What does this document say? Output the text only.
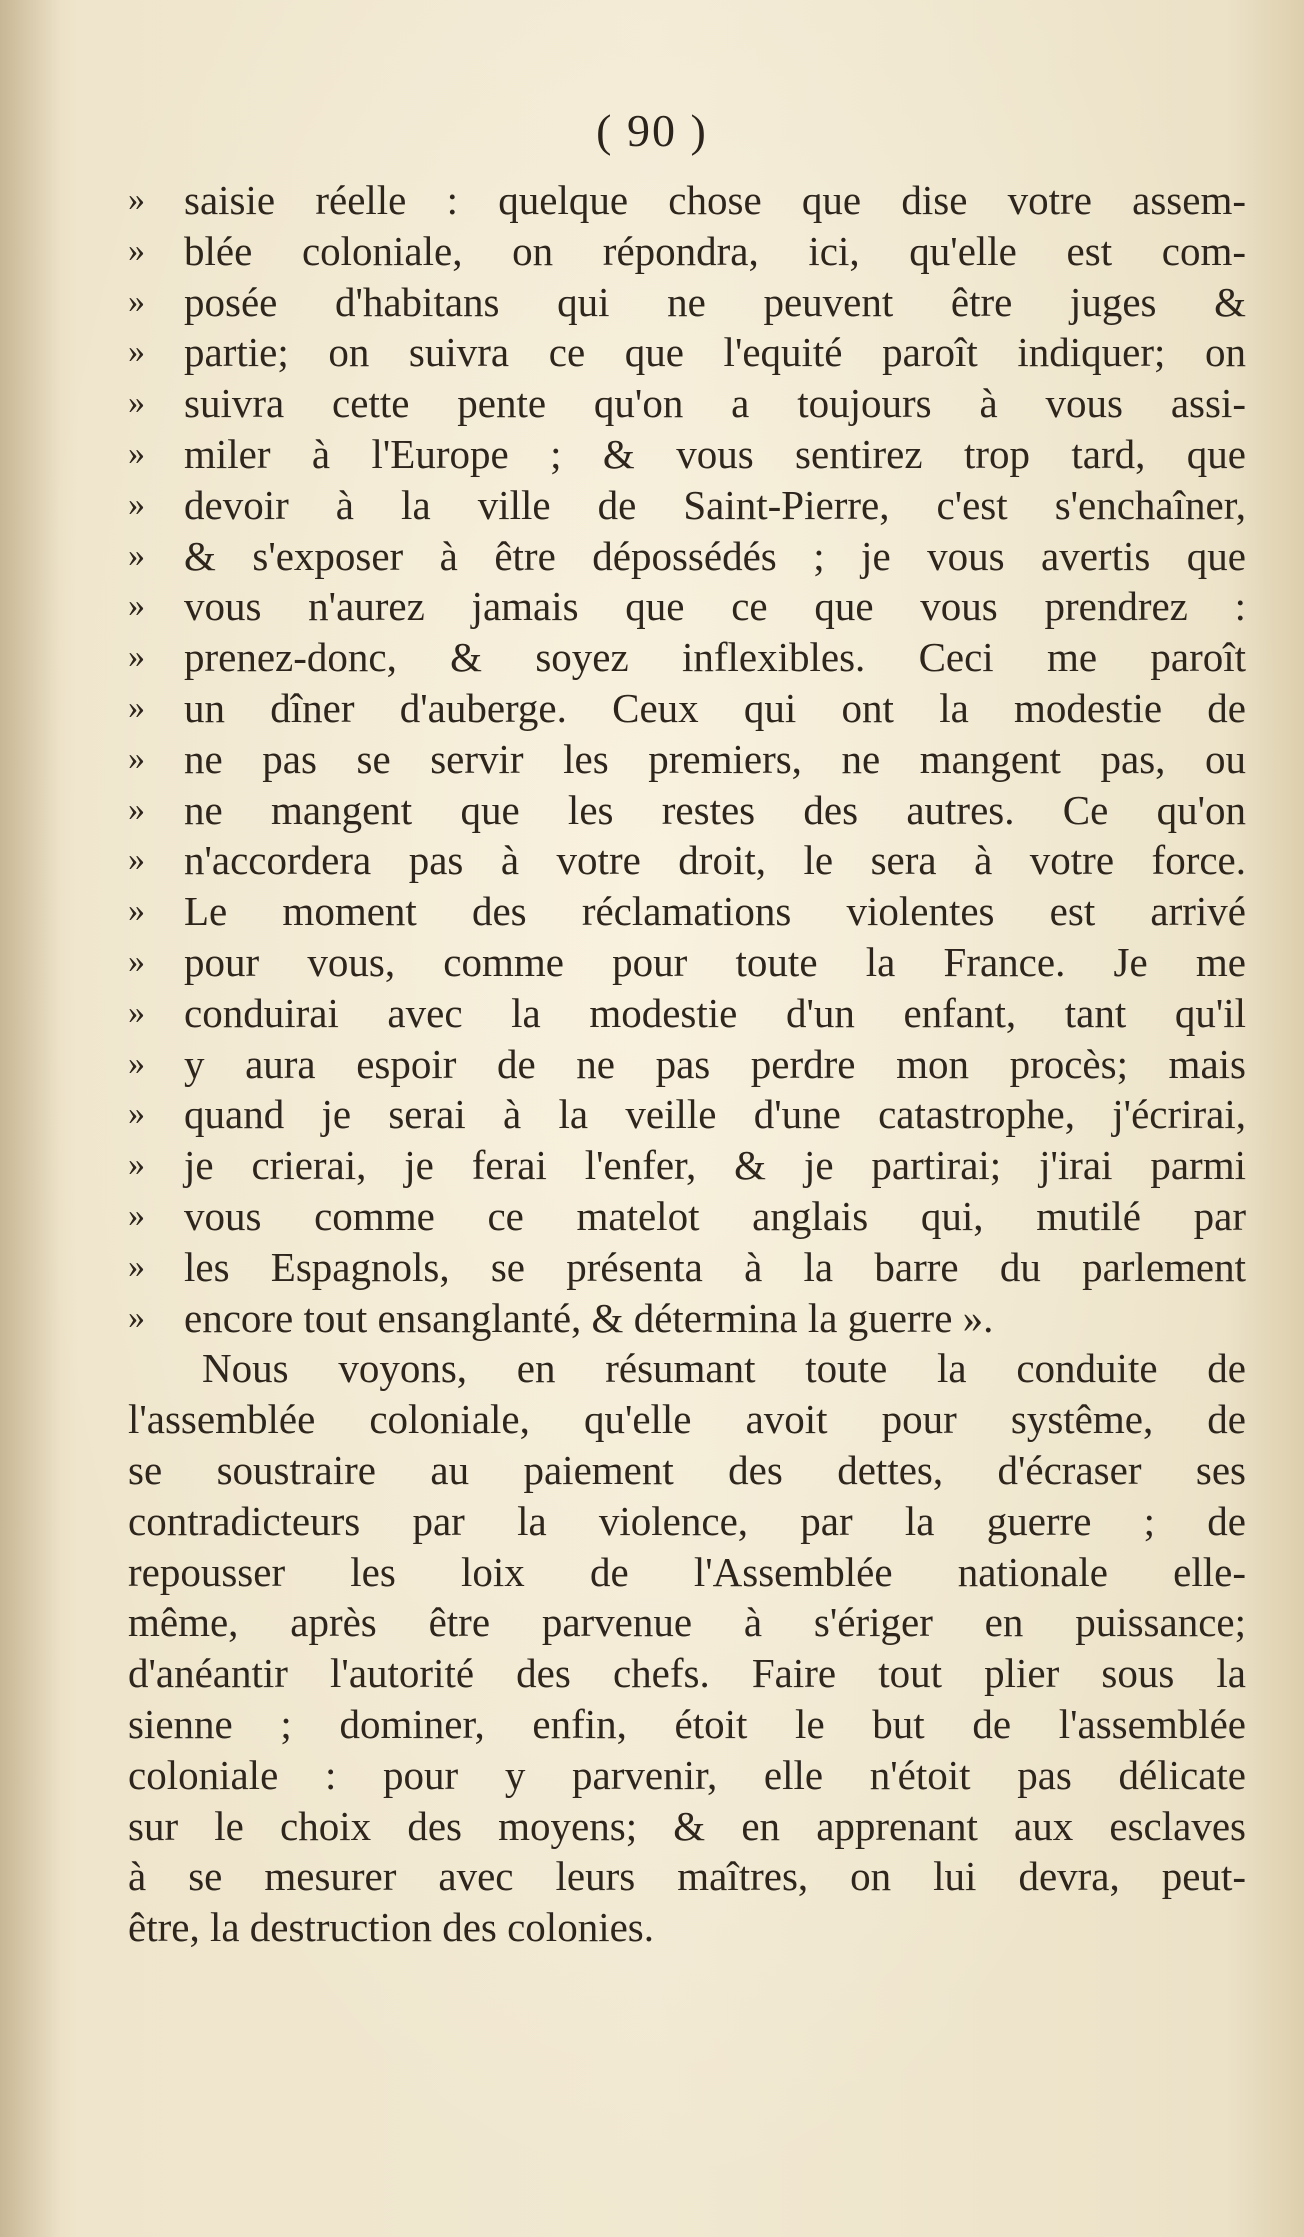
( 90 )
» saisie réelle : quelque chose que dise votre assem-
» blée coloniale, on répondra, ici, qu'elle est com-
» posée d'habitans qui ne peuvent être juges &
» partie; on suivra ce que l'equité paroît indiquer; on
» suivra cette pente qu'on a toujours à vous assi-
» miler à l'Europe ; & vous sentirez trop tard, que
» devoir à la ville de Saint-Pierre, c'est s'enchaîner,
» & s'exposer à être dépossédés ; je vous avertis que
» vous n'aurez jamais que ce que vous prendrez :
» prenez-donc, & soyez inflexibles. Ceci me paroît
» un dîner d'auberge. Ceux qui ont la modestie de
» ne pas se servir les premiers, ne mangent pas, ou
» ne mangent que les restes des autres. Ce qu'on
» n'accordera pas à votre droit, le sera à votre force.
» Le moment des réclamations violentes est arrivé
» pour vous, comme pour toute la France. Je me
» conduirai avec la modestie d'un enfant, tant qu'il
» y aura espoir de ne pas perdre mon procès; mais
» quand je serai à la veille d'une catastrophe, j'écrirai,
» je crierai, je ferai l'enfer, & je partirai; j'irai parmi
» vous comme ce matelot anglais qui, mutilé par
» les Espagnols, se présenta à la barre du parlement
» encore tout ensanglanté, & détermina la guerre ».
Nous voyons, en résumant toute la conduite de
l'assemblée coloniale, qu'elle avoit pour systême, de
se soustraire au paiement des dettes, d'écraser ses
contradicteurs par la violence, par la guerre ; de
repousser les loix de l'Assemblée nationale elle-
même, après être parvenue à s'ériger en puissance;
d'anéantir l'autorité des chefs. Faire tout plier sous la
sienne ; dominer, enfin, étoit le but de l'assemblée
coloniale : pour y parvenir, elle n'étoit pas délicate
sur le choix des moyens; & en apprenant aux esclaves
à se mesurer avec leurs maîtres, on lui devra, peut-
être, la destruction des colonies.
